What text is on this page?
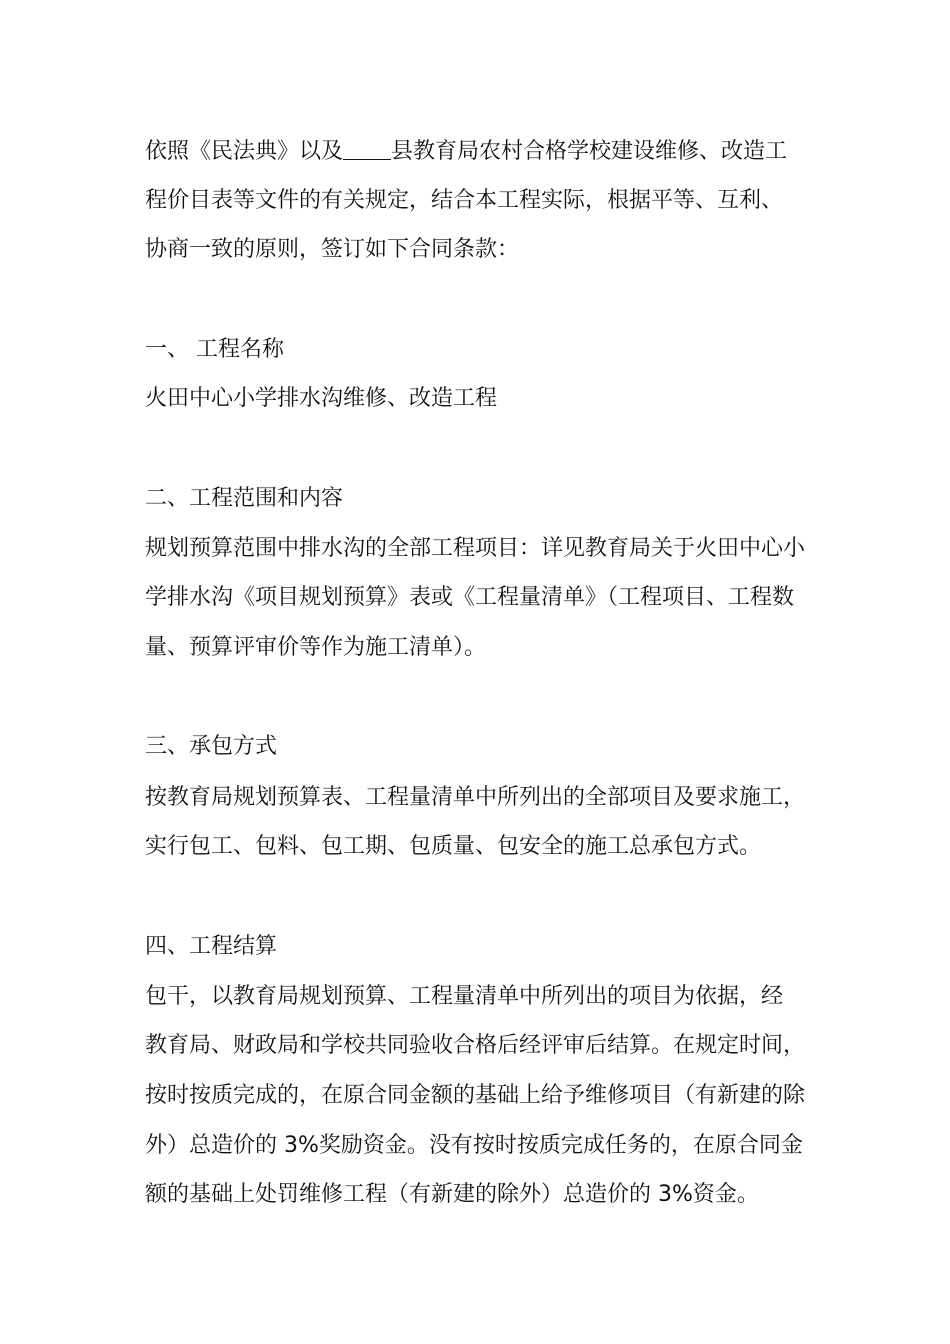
依照《民法典》以及 县教育局农村合格学校建设维修、改造工
程价目表等文件的有关规定，结合本工程实际，根据平等、互利、
协商一致的原则，签订如下合同条款：
一、 工程名称
火田中心小学排水沟维修、改造工程
二、工程范围和内容
规划预算范围中排水沟的全部工程项目：详见教育局关于火田中心小
学排水沟《项目规划预算》表或《工程量清单》（工程项目、工程数
量、预算评审价等作为施工清单）。
三、承包方式
按教育局规划预算表、工程量清单中所列出的全部项目及要求施工，
实行包工、包料、包工期、包质量、包安全的施工总承包方式。
四、工程结算
包干，以教育局规划预算、工程量清单中所列出的项目为依据，经
教育局、财政局和学校共同验收合格后经评审后结算。在规定时间，
按时按质完成的，在原合同金额的基础上给予维修项目（有新建的除
外）总造价的 3%奖励资金。没有按时按质完成任务的，在原合同金
额的基础上处罚维修工程（有新建的除外）总造价的 3%资金。
